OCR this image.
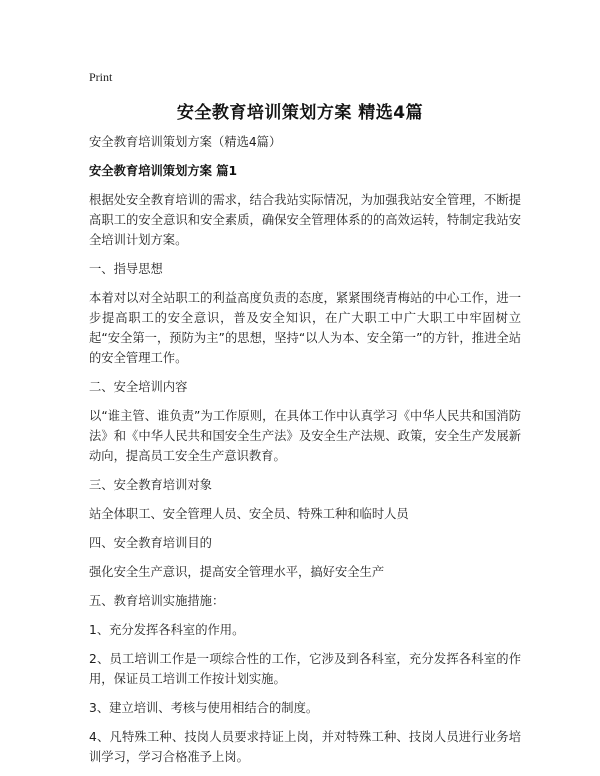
Print
安全教育培训策划方案 精选4篇

安全教育培训策划方案（精选4篇）

安全教育培训策划方案 篇1

根据处安全教育培训的需求，结合我站实际情况，为加强我站安全管理，不断提高职工的安全意识和安全素质，确保安全管理体系的的高效运转，特制定我站安全培训计划方案。

一、指导思想

本着对以对全站职工的利益高度负责的态度，紧紧围绕青梅站的中心工作，进一步提高职工的安全意识，普及安全知识，在广大职工中广大职工中牢固树立起“安全第一，预防为主”的思想，坚持“以人为本、安全第一”的方针，推进全站的安全管理工作。

二、安全培训内容

以“谁主管、谁负责”为工作原则，在具体工作中认真学习《中华人民共和国消防法》和《中华人民共和国安全生产法》及安全生产法规、政策，安全生产发展新动向，提高员工安全生产意识教育。

三、安全教育培训对象

站全体职工、安全管理人员、安全员、特殊工种和临时人员

四、安全教育培训目的

强化安全生产意识，提高安全管理水平，搞好安全生产

五、教育培训实施措施：

1、充分发挥各科室的作用。

2、员工培训工作是一项综合性的工作，它涉及到各科室，充分发挥各科室的作用，保证员工培训工作按计划实施。

3、建立培训、考核与使用相结合的制度。

4、凡特殊工种、技岗人员要求持证上岗，并对特殊工种、技岗人员进行业务培训学习，学习合格准予上岗。
